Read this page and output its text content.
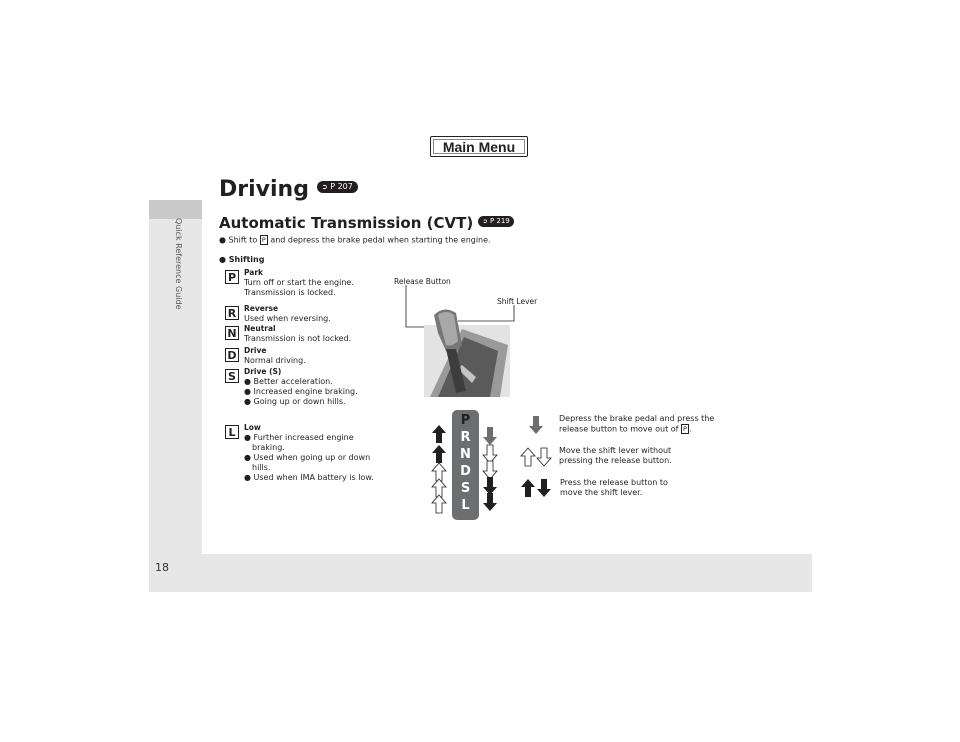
Main Menu
Quick Reference Guide
18
Driving ➲ P 207
Automatic Transmission (CVT) ➲ P 219
● Shift to P and depress the brake pedal when starting the engine.
● Shifting
P	Park
Turn off or start the engine.
Transmission is locked.
R	Reverse
Used when reversing.
N Neutral
Transmission is not locked.
D Drive
Normal driving.
S	Drive (S)
● Better acceleration.
● Increased engine braking.
● Going up or down hills.
L	Low
● Further increased engine braking.
● Used when going up or down hills.
● Used when IMA battery is low.
Release Button
Shift Lever
P
R
N
D
S
L
Depress the brake pedal and press the release button to move out of P .
Move the shift lever without
pressing the release button.
Press the release button to
move the shift lever.
